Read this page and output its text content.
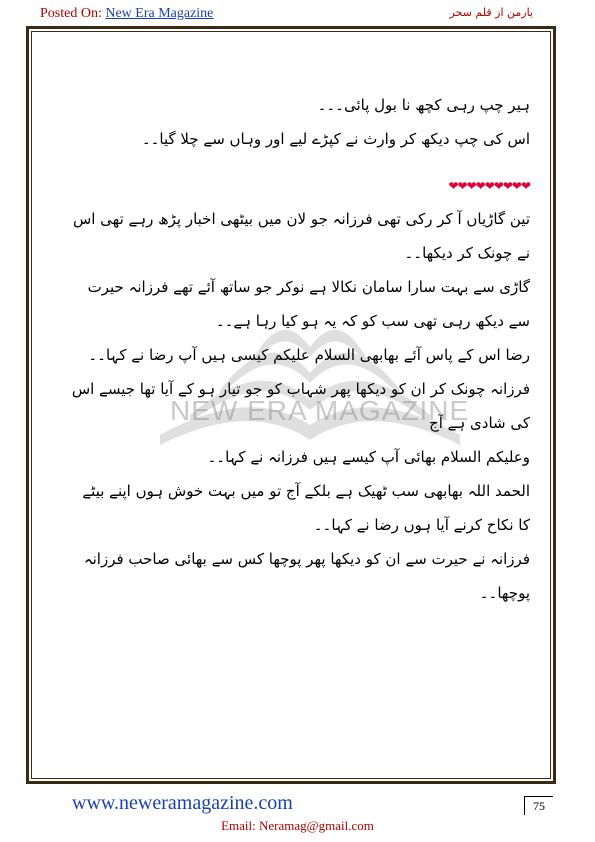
Posted On: New Era Magazine	یارمن از قلم سحر
NEW ERA MAGAZINE

ہیر چپ رہی کچھ نا بول پائی۔۔۔

اس کی چپ دیکھ کر وارث نے کپڑے لیے اور وہاں سے چلا گیا۔۔

❤❤❤❤❤❤❤❤❤

تین گاڑیاں آ کر رکی تھی فرزانہ جو لان میں بیٹھی اخبار پڑھ رہے تھی اس نے چونک کر دیکھا۔۔

گاڑی سے بہت سارا سامان نکالا ہے نوکر جو ساتھ آئے تھے فرزانہ حیرت سے دیکھ رہی تھی سب کو کہ یہ ہو کیا رہا ہے۔۔

رضا اس کے پاس آئے بھابھی السلام علیکم کیسی ہیں آپ رضا نے کہا۔۔

فرزانہ چونک کر ان کو دیکھا پھر شہاب کو جو تیار ہو کے آیا تھا جیسے اس کی شادی ہے آج

وعلیکم السلام بھائی آپ کیسے ہیں فرزانہ نے کہا۔۔

الحمد اللہ بھابھی سب ٹھیک ہے بلکے آج تو میں بہت خوش ہوں اپنے بیٹے کا نکاح کرنے آیا ہوں رضا نے کہا۔۔

فرزانہ نے حیرت سے ان کو دیکھا پھر پوچھا کس سے بھائی صاحب فرزانہ پوچھا۔۔

www.neweramagazine.com	75
Email: Neramag@gmail.com
